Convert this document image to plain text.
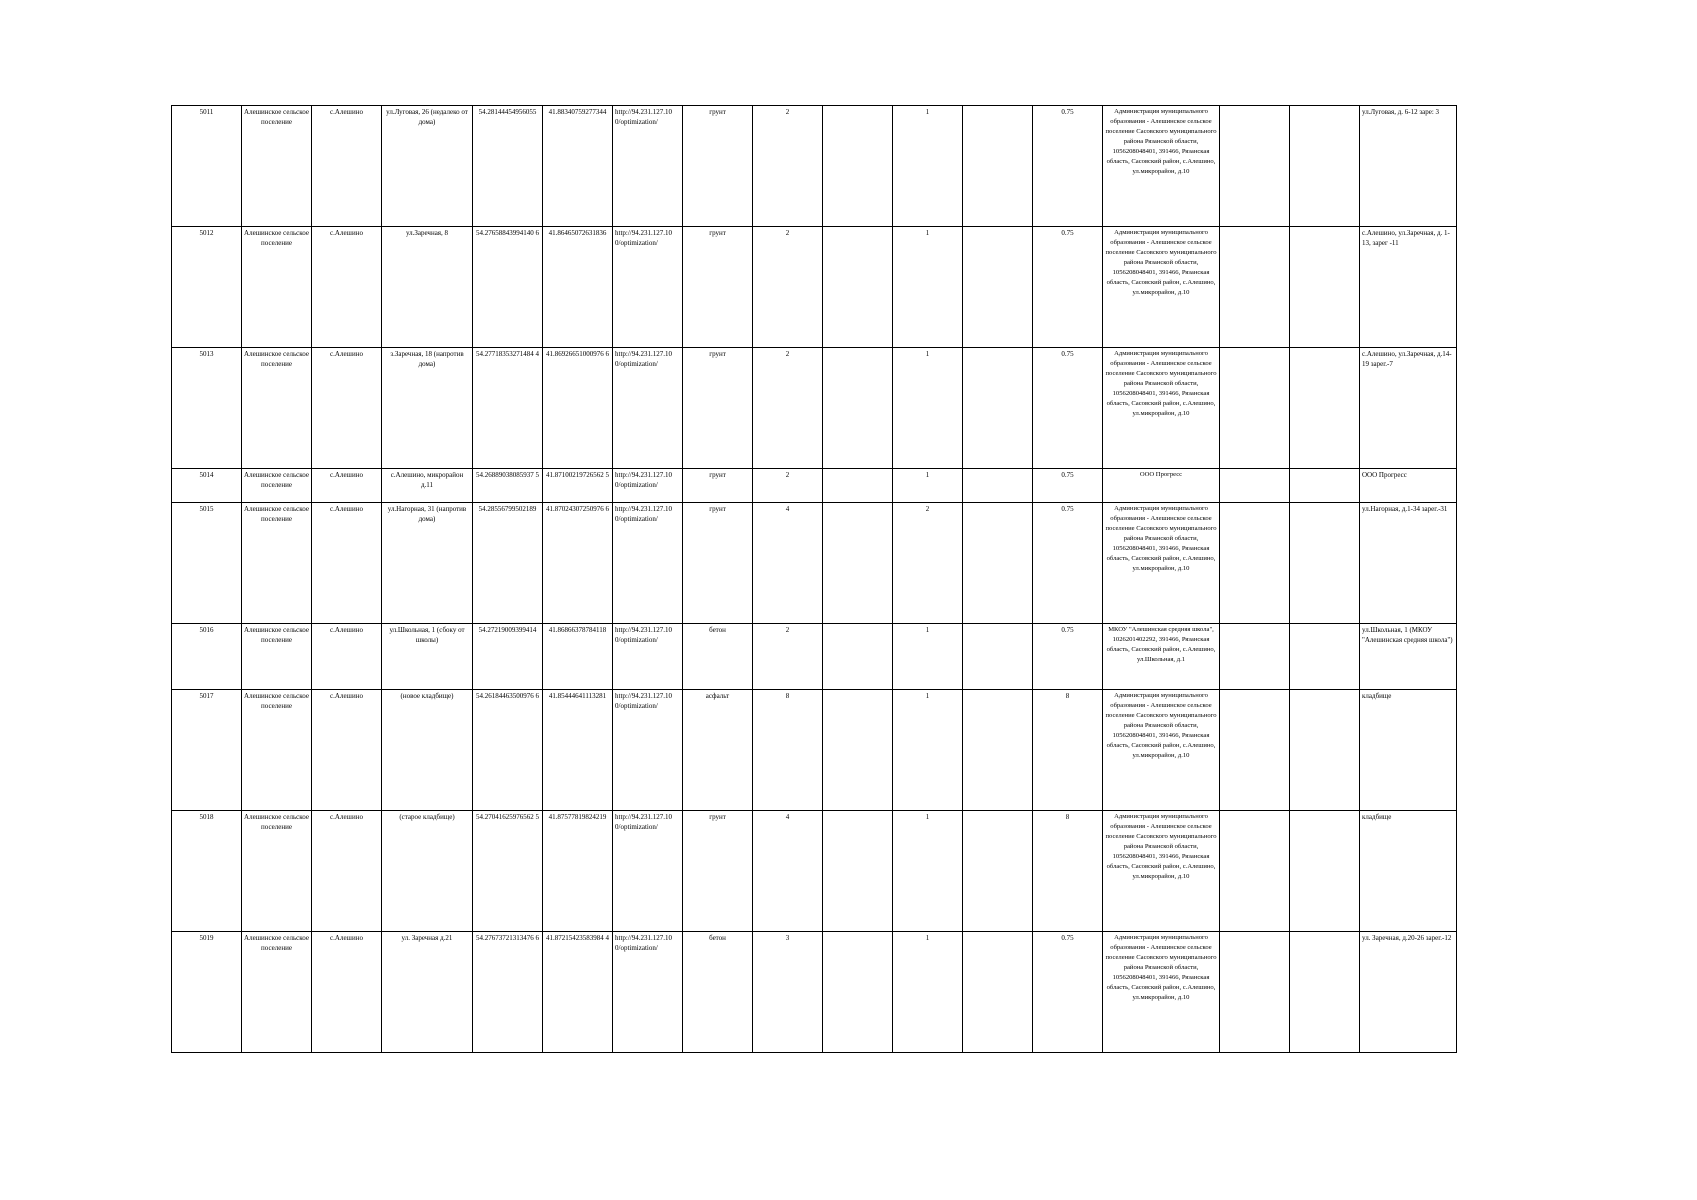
5011	Алешинское сельское поселение	с.Алешино	ул.Луговая, 26 (недалеко от дома)	54.28144454956055	41.88340759277344	http://94.231.127.10 0/optimization/	грунт	2		1		0.75	Администрация муниципального образования - Алешинское сельское поселение Сасовского муниципального района Рязанской области, 1056208048401, 391466, Рязанская область, Сасовский район, с.Алешино, ул.микрорайон, д.10			ул.Луговая, д. 6-12 заре: 3
5012	Алешинское сельское поселение	с.Алешино	ул.Заречная, 8	54.27658843994140 6	41.86465072631836	http://94.231.127.10 0/optimization/	грунт	2		1		0.75	Администрация муниципального образования - Алешинское сельское поселение Сасовского муниципального района Рязанской области, 1056208048401, 391466, Рязанская область, Сасовский район, с.Алешино, ул.микрорайон, д.10			с.Алешино, ул.Заречная, д. 1-13, зарег -11
5013	Алешинское сельское поселение	с.Алешино	з.Заречная, 18 (напротив дома)	54.27718353271484 4	41.86926651000976 6	http://94.231.127.10 0/optimization/	грунт	2		1		0.75	Администрация муниципального образования - Алешинское сельское поселение Сасовского муниципального района Рязанской области, 1056208048401, 391466, Рязанская область, Сасовский район, с.Алешино, ул.микрорайон, д.10			с.Алешино, ул.Заречная, д.14-19 зарег.-7
5014	Алешинское сельское поселение	с.Алешино	с.Алешино, микрорайон д.11	54.26889038085937 5	41.87100219726562 5	http://94.231.127.10 0/optimization/	грунт	2		1		0.75	ООО Прогресс			ООО Прогресс
5015	Алешинское сельское поселение	с.Алешино	ул.Нагорная, 31 (напротив дома)	54.28556799502189	41.87024307250976 6	http://94.231.127.10 0/optimization/	грунт	4		2		0.75	Администрация муниципального образования - Алешинское сельское поселение Сасовского муниципального района Рязанской области, 1056208048401, 391466, Рязанская область, Сасовский район, с.Алешино, ул.микрорайон, д.10			ул.Нагорная, д.1-34 зарег.-31
5016	Алешинское сельское поселение	с.Алешино	ул.Школьная, 1 (сбоку от школы)	54.27219009399414	41.86866378784118	http://94.231.127.10 0/optimization/	бетон	2		1		0.75	МКОУ "Алешинская средняя школа", 1026201402292, 391466, Рязанская область, Сасовский район, с.Алешино, ул.Школьная, д.1			ул.Школьная, 1 (МКОУ "Алешинская средняя школа")
5017	Алешинское сельское поселение	с.Алешино	(новое кладбище)	54.26184463500976 6	41.85444641113281	http://94.231.127.10 0/optimization/	асфальт	8		1		8	Администрация муниципального образования - Алешинское сельское поселение Сасовского муниципального района Рязанской области, 1056208048401, 391466, Рязанская область, Сасовский район, с.Алешино, ул.микрорайон, д.10			кладбище
5018	Алешинское сельское поселение	с.Алешино	(старое кладбище)	54.27041625976562 5	41.87577819824219	http://94.231.127.10 0/optimization/	грунт	4		1		8	Администрация муниципального образования - Алешинское сельское поселение Сасовского муниципального района Рязанской области, 1056208048401, 391466, Рязанская область, Сасовский район, с.Алешино, ул.микрорайон, д.10			кладбище
5019	Алешинское сельское поселение	с.Алешино	ул. Заречная д.21	54.27673721313476 6	41.87215423583984 4	http://94.231.127.10 0/optimization/	бетон	3		1		0.75	Администрация муниципального образования - Алешинское сельское поселение Сасовского муниципального района Рязанской области, 1056208048401, 391466, Рязанская область, Сасовский район, с.Алешино, ул.микрорайон, д.10			ул. Заречная, д.20-26 зарег.-12
